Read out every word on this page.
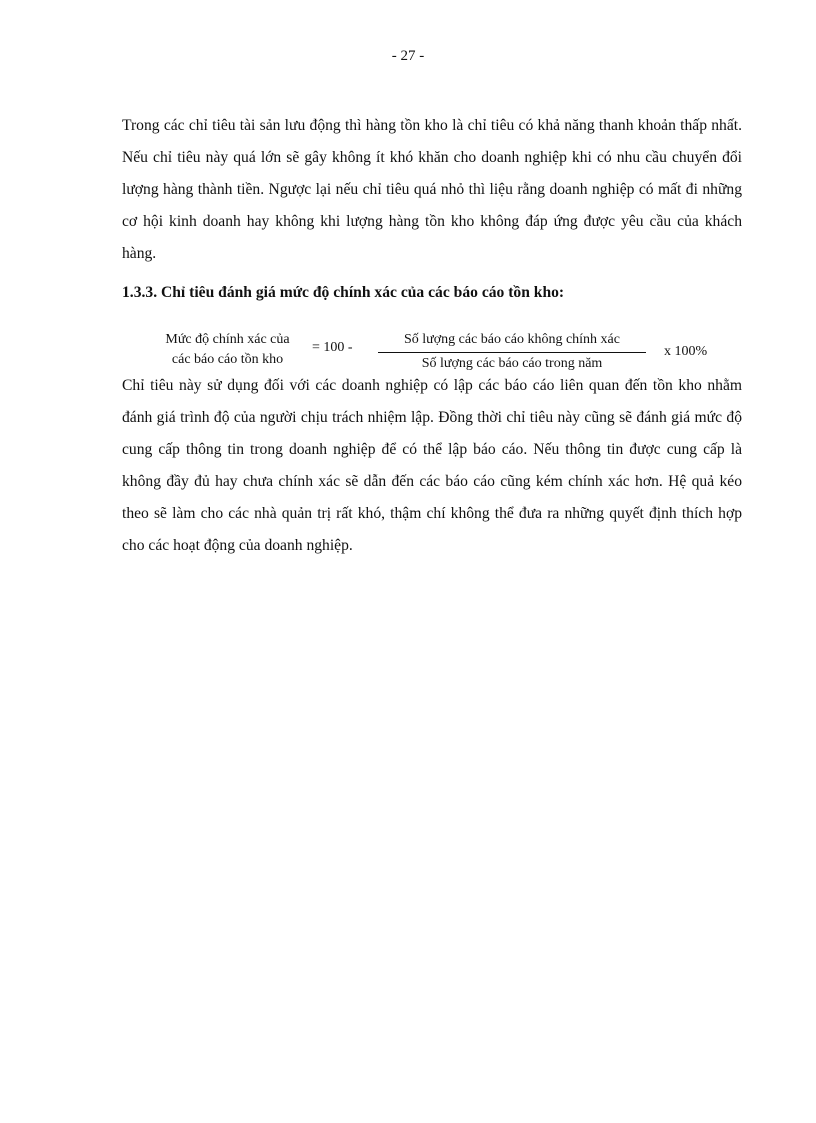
- 27 -

Trong các chỉ tiêu tài sản lưu động thì hàng tồn kho là chỉ tiêu có khả năng thanh khoản thấp nhất. Nếu chỉ tiêu này quá lớn sẽ gây không ít khó khăn cho doanh nghiệp khi có nhu cầu chuyển đổi lượng hàng thành tiền. Ngược lại nếu chỉ tiêu quá nhỏ thì liệu rằng doanh nghiệp có mất đi những cơ hội kinh doanh hay không khi lượng hàng tồn kho không đáp ứng được yêu cầu của khách hàng.

1.3.3. Chỉ tiêu đánh giá mức độ chính xác của các báo cáo tồn kho:
Mức độ chính xác của
các báo cáo tồn kho
= 100 -
Số lượng các báo cáo không chính xác
Số lượng các báo cáo trong năm
x 100%

Chỉ tiêu này sử dụng đối với các doanh nghiệp có lập các báo cáo liên quan đến tồn kho nhằm đánh giá trình độ của người chịu trách nhiệm lập. Đồng thời chỉ tiêu này cũng sẽ đánh giá mức độ cung cấp thông tin trong doanh nghiệp để có thể lập báo cáo. Nếu thông tin được cung cấp là không đầy đủ hay chưa chính xác sẽ dẫn đến các báo cáo cũng kém chính xác hơn. Hệ quả kéo theo sẽ làm cho các nhà quản trị rất khó, thậm chí không thể đưa ra những quyết định thích hợp cho các hoạt động của doanh nghiệp.
